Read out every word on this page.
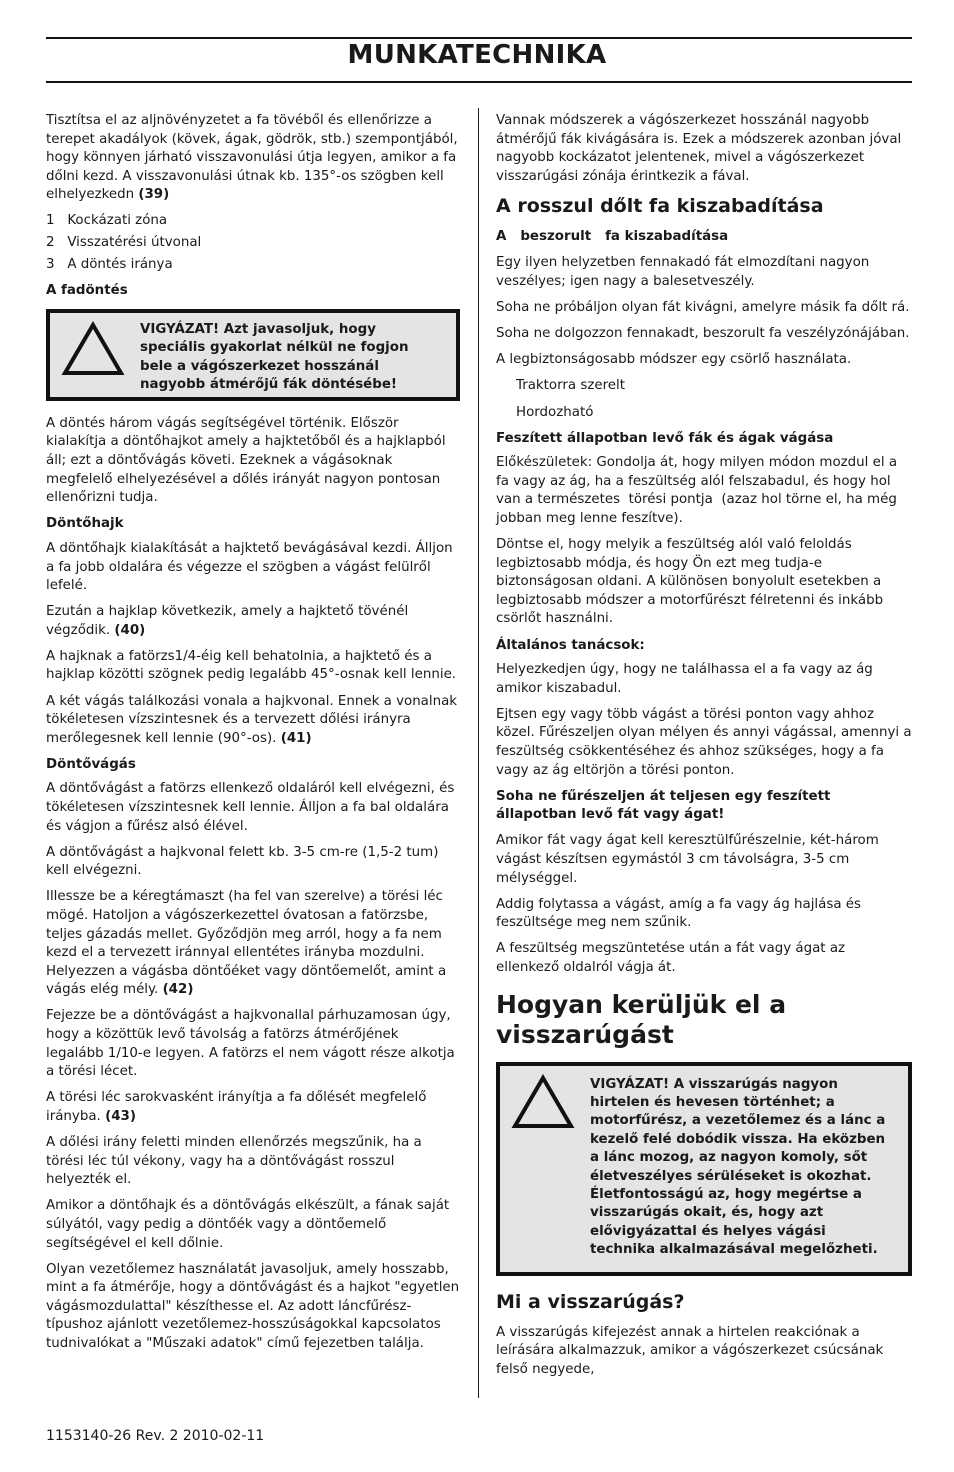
MUNKATECHNIKA

Tisztítsa el az aljnövényzetet a fa tövéből és ellenőrizze a terepet akadályok (kövek, ágak, gödrök, stb.) szempontjából, hogy könnyen járható visszavonulási útja legyen, amikor a fa dőlni kezd. A visszavonulási útnak kb. 135°-os szögben kell elhelyezkedn (39)

1 Kockázati zóna
2 Visszatérési útvonal
3 A döntés iránya
A fadöntés
VIGYÁZAT! Azt javasoljuk, hogy speciális gyakorlat nélkül ne fogjon bele a vágószerkezet hosszánál nagyobb átmérőjű fák döntésébe!

A döntés három vágás segítségével történik. Először kialakítja a döntőhajkot amely a hajktetőből és a hajklapból áll; ezt a döntővágás követi. Ezeknek a vágásoknak megfelelő elhelyezésével a dőlés irányát nagyon pontosan ellenőrizni tudja.

Döntőhajk

A döntőhajk kialakítását a hajktető bevágásával kezdi. Álljon a fa jobb oldalára és végezze el szögben a vágást felülről lefelé.

Ezután a hajklap következik, amely a hajktető tövénél végződik. (40)

A hajknak a fatörzs1/4-éig kell behatolnia, a hajktető és a hajklap közötti szögnek pedig legalább 45°-osnak kell lennie.

A két vágás találkozási vonala a hajkvonal. Ennek a vonalnak tökéletesen vízszintesnek és a tervezett dőlési irányra merőlegesnek kell lennie (90°-os). (41)

Döntővágás

A döntővágást a fatörzs ellenkező oldaláról kell elvégezni, és tökéletesen vízszintesnek kell lennie. Álljon a fa bal oldalára és vágjon a fűrész alsó élével.

A döntővágást a hajkvonal felett kb. 3-5 cm-re (1,5-2 tum) kell elvégezni.

Illessze be a kéregtámaszt (ha fel van szerelve) a törési léc mögé. Hatoljon a vágószerkezettel óvatosan a fatörzsbe, teljes gázadás mellet. Győződjön meg arról, hogy a fa nem kezd el a tervezett iránnyal ellentétes irányba mozdulni. Helyezzen a vágásba döntőéket vagy döntőemelőt, amint a vágás elég mély. (42)

Fejezze be a döntővágást a hajkvonallal párhuzamosan úgy, hogy a közöttük levő távolság a fatörzs átmérőjének legalább 1/10-e legyen. A fatörzs el nem vágott része alkotja a törési lécet.

A törési léc sarokvasként irányítja a fa dőlését megfelelő irányba. (43)

A dőlési irány feletti minden ellenőrzés megszűnik, ha a törési léc túl vékony, vagy ha a döntővágást rosszul helyezték el.

Amikor a döntőhajk és a döntővágás elkészült, a fának saját súlyától, vagy pedig a döntőék vagy a döntőemelő segítségével el kell dőlnie.

Olyan vezetőlemez használatát javasoljuk, amely hosszabb, mint a fa átmérője, hogy a döntővágást és a hajkot "egyetlen vágásmozdulattal" készíthesse el. Az adott láncfűrész-típushoz ajánlott vezetőlemez-hosszúságokkal kapcsolatos tudnivalókat a "Műszaki adatok" című fejezetben találja.

Vannak módszerek a vágószerkezet hosszánál nagyobb átmérőjű fák kivágására is. Ezek a módszerek azonban jóval nagyobb kockázatot jelentenek, mivel a vágószerkezet visszarúgási zónája érintkezik a fával.

A rosszul dőlt fa kiszabadítása
A   beszorult   fa kiszabadítása

Egy ilyen helyzetben fennakadó fát elmozdítani nagyon veszélyes; igen nagy a balesetveszély.

Soha ne próbáljon olyan fát kivágni, amelyre másik fa dőlt rá.

Soha ne dolgozzon fennakadt, beszorult fa veszélyzónájában.

A legbiztonságosabb módszer egy csörlő használata.

Traktorra szerelt

Hordozható

Feszített állapotban levő fák és ágak vágása

Előkészületek: Gondolja át, hogy milyen módon mozdul el a fa vagy az ág, ha a feszültség alól felszabadul, és hogy hol van a természetes  törési pontja  (azaz hol törne el, ha még jobban meg lenne feszítve).

Döntse el, hogy melyik a feszültség alól való feloldás legbiztosabb módja, és hogy Ön ezt meg tudja-e biztonságosan oldani. A különösen bonyolult esetekben a legbiztosabb módszer a motorfűrészt félretenni és inkább csörlőt használni.

Általános tanácsok:

Helyezkedjen úgy, hogy ne találhassa el a fa vagy az ág amikor kiszabadul.

Ejtsen egy vagy több vágást a törési ponton vagy ahhoz közel. Fűrészeljen olyan mélyen és annyi vágással, amennyi a feszültség csökkentéséhez és ahhoz szükséges, hogy a fa vagy az ág eltörjön a törési ponton.

Soha ne fűrészeljen át teljesen egy feszített állapotban levő fát vagy ágat!

Amikor fát vagy ágat kell keresztülfűrészelnie, két-három vágást készítsen egymástól 3 cm távolságra, 3-5 cm mélységgel.

Addig folytassa a vágást, amíg a fa vagy ág hajlása és feszültsége meg nem szűnik.

A feszültség megszüntetése után a fát vagy ágat az ellenkező oldalról vágja át.

Hogyan kerüljük el a visszarúgást
VIGYÁZAT! A visszarúgás nagyon hirtelen és hevesen történhet; a motorfűrész, a vezetőlemez és a lánc a kezelő felé dobódik vissza. Ha eközben a lánc mozog, az nagyon komoly, sőt életveszélyes sérüléseket is okozhat. Életfontosságú az, hogy megértse a visszarúgás okait, és, hogy azt elővigyázattal és helyes vágási technika alkalmazásával megelőzheti.
Mi a visszarúgás?

A visszarúgás kifejezést annak a hirtelen reakciónak a leírására alkalmazzuk, amikor a vágószerkezet csúcsának felső negyede,

1153140-26 Rev. 2 2010-02-11
